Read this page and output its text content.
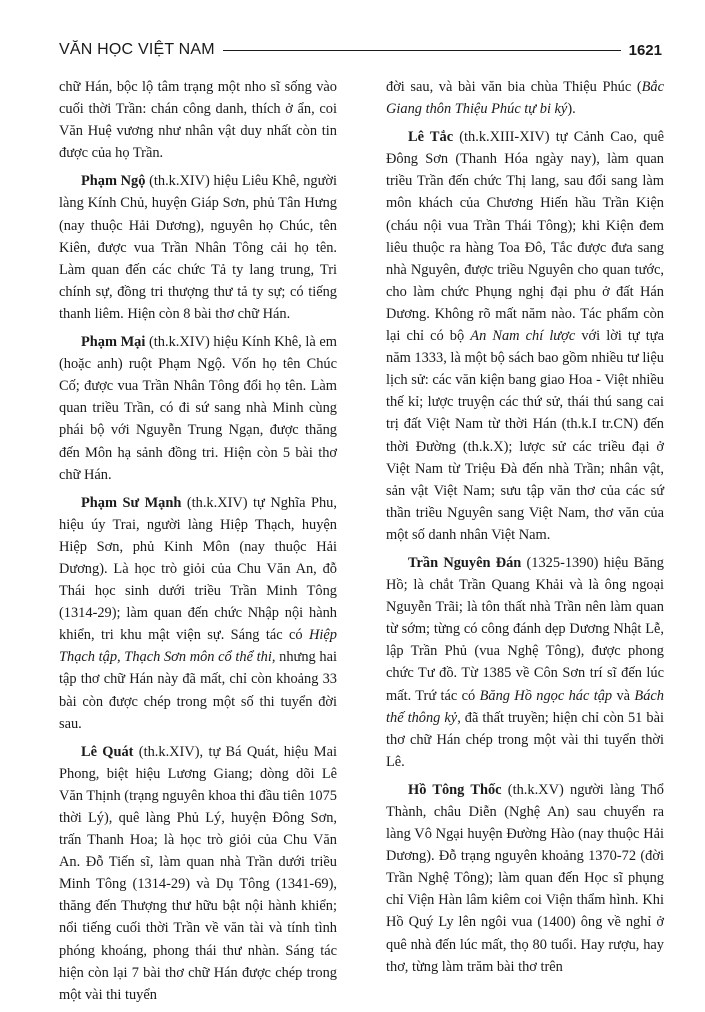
VĂN HỌC VIỆT NAM	1621

chữ Hán, bộc lộ tâm trạng một nho sĩ sống vào cuối thời Trần: chán công danh, thích ở ẩn, coi Văn Huệ vương như nhân vật duy nhất còn tin được của họ Trần.

Phạm Ngộ (th.k.XIV) hiệu Liêu Khê, người làng Kính Chủ, huyện Giáp Sơn, phủ Tân Hưng (nay thuộc Hải Dương), nguyên họ Chúc, tên Kiên, được vua Trần Nhân Tông cải họ tên. Làm quan đến các chức Tả ty lang trung, Tri chính sự, đồng tri thượng thư tả ty sự; có tiếng thanh liêm. Hiện còn 8 bài thơ chữ Hán.

Phạm Mại (th.k.XIV) hiệu Kính Khê, là em (hoặc anh) ruột Phạm Ngộ. Vốn họ tên Chúc Cố; được vua Trần Nhân Tông đổi họ tên. Làm quan triều Trần, có đi sứ sang nhà Minh cùng phái bộ với Nguyễn Trung Ngạn, được thăng đến Môn hạ sảnh đồng tri. Hiện còn 5 bài thơ chữ Hán.

Phạm Sư Mạnh (th.k.XIV) tự Nghĩa Phu, hiệu úy Trai, người làng Hiệp Thạch, huyện Hiệp Sơn, phủ Kinh Môn (nay thuộc Hải Dương). Là học trò giỏi của Chu Văn An, đỗ Thái học sinh dưới triều Trần Minh Tông (1314-29); làm quan đến chức Nhập nội hành khiển, tri khu mật viện sự. Sáng tác có Hiệp Thạch tập, Thạch Sơn môn cổ thể thi, nhưng hai tập thơ chữ Hán này đã mất, chỉ còn khoảng 33 bài còn được chép trong một số thi tuyển đời sau.

Lê Quát (th.k.XIV), tự Bá Quát, hiệu Mai Phong, biệt hiệu Lương Giang; dòng dõi Lê Văn Thịnh (trạng nguyên khoa thi đầu tiên 1075 thời Lý), quê làng Phủ Lý, huyện Đông Sơn, trấn Thanh Hoa; là học trò giỏi của Chu Văn An. Đỗ Tiến sĩ, làm quan nhà Trần dưới triều Minh Tông (1314-29) và Dụ Tông (1341-69), thăng đến Thượng thư hữu bật nội hành khiển; nổi tiếng cuối thời Trần về văn tài và tính tình phóng khoáng, phong thái thư nhàn. Sáng tác hiện còn lại 7 bài thơ chữ Hán được chép trong một vài thi tuyển

đời sau, và bài văn bia chùa Thiệu Phúc (Bắc Giang thôn Thiệu Phúc tự bi ký).

Lê Tắc (th.k.XIII-XIV) tự Cảnh Cao, quê Đông Sơn (Thanh Hóa ngày nay), làm quan triều Trần đến chức Thị lang, sau đổi sang làm môn khách của Chương Hiến hầu Trần Kiện (cháu nội vua Trần Thái Tông); khi Kiện đem liêu thuộc ra hàng Toa Đô, Tắc được đưa sang nhà Nguyên, được triều Nguyên cho quan tước, cho làm chức Phụng nghị đại phu ở đất Hán Dương. Không rõ mất năm nào. Tác phẩm còn lại chỉ có bộ An Nam chí lược với lời tự tựa năm 1333, là một bộ sách bao gồm nhiều tư liệu lịch sử: các văn kiện bang giao Hoa - Việt nhiều thế kỉ; lược truyện các thứ sử, thái thú sang cai trị đất Việt Nam từ thời Hán (th.k.I tr.CN) đến thời Đường (th.k.X); lược sử các triều đại ở Việt Nam từ Triệu Đà đến nhà Trần; nhân vật, sản vật Việt Nam; sưu tập văn thơ của các sứ thần triều Nguyên sang Việt Nam, thơ văn của một số danh nhân Việt Nam.

Trần Nguyên Đán (1325-1390) hiệu Băng Hồ; là chắt Trần Quang Khải và là ông ngoại Nguyễn Trãi; là tôn thất nhà Trần nên làm quan từ sớm; từng có công đánh dẹp Dương Nhật Lễ, lập Trần Phủ (vua Nghệ Tông), được phong chức Tư đồ. Từ 1385 về Côn Sơn trí sĩ đến lúc mất. Trứ tác có Băng Hồ ngọc hác tập và Bách thế thông kỷ, đã thất truyền; hiện chỉ còn 51 bài thơ chữ Hán chép trong một vài thi tuyển thời Lê.

Hồ Tông Thốc (th.k.XV) người làng Thổ Thành, châu Diễn (Nghệ An) sau chuyển ra làng Vô Ngại huyện Đường Hào (nay thuộc Hải Dương). Đỗ trạng nguyên khoảng 1370-72 (đời Trần Nghệ Tông); làm quan đến Học sĩ phụng chỉ Viện Hàn lâm kiêm coi Viện thẩm hình. Khi Hồ Quý Ly lên ngôi vua (1400) ông về nghỉ ở quê nhà đến lúc mất, thọ 80 tuổi. Hay rượu, hay thơ, từng làm trăm bài thơ trên
